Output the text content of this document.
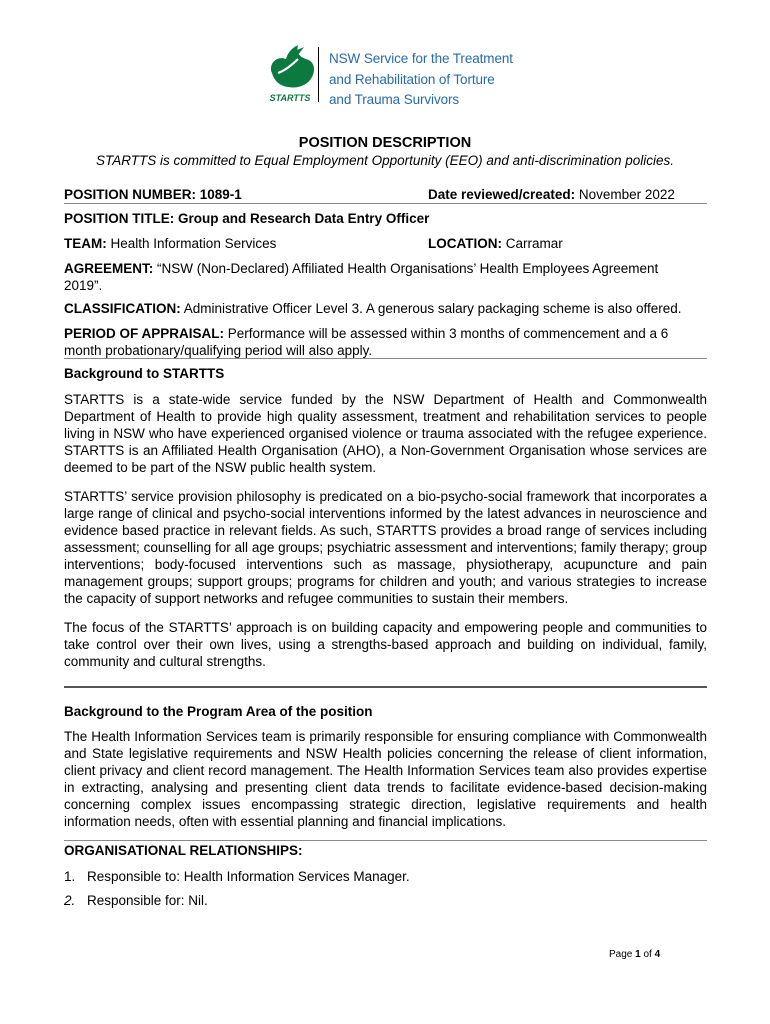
STARTTS
NSW Service for the Treatment
and Rehabilitation of Torture
and Trauma Survivors
POSITION DESCRIPTION
STARTTS is committed to Equal Employment Opportunity (EEO) and anti-discrimination policies.
POSITION NUMBER: 1089-1	Date reviewed/created: November 2022
POSITION TITLE: Group and Research Data Entry Officer
TEAM: Health Information Services	LOCATION: Carramar
AGREEMENT: “NSW (Non-Declared) Affiliated Health Organisations’ Health Employees Agreement
2019”.
CLASSIFICATION: Administrative Officer Level 3. A generous salary packaging scheme is also offered.
PERIOD OF APPRAISAL: Performance will be assessed within 3 months of commencement and a 6
month probationary/qualifying period will also apply.
Background to STARTTS
STARTTS is a state-wide service funded by the NSW Department of Health and Commonwealth Department of Health to provide high quality assessment, treatment and rehabilitation services to people living in NSW who have experienced organised violence or trauma associated with the refugee experience. STARTTS is an Affiliated Health Organisation (AHO), a Non-Government Organisation whose services are deemed to be part of the NSW public health system.
STARTTS’ service provision philosophy is predicated on a bio-psycho-social framework that incorporates a large range of clinical and psycho-social interventions informed by the latest advances in neuroscience and evidence based practice in relevant fields. As such, STARTTS provides a broad range of services including assessment; counselling for all age groups; psychiatric assessment and interventions; family therapy; group interventions; body-focused interventions such as massage, physiotherapy, acupuncture and pain management groups; support groups; programs for children and youth; and various strategies to increase the capacity of support networks and refugee communities to sustain their members.
The focus of the STARTTS’ approach is on building capacity and empowering people and communities to take control over their own lives, using a strengths-based approach and building on individual, family, community and cultural strengths.
Background to the Program Area of the position
The Health Information Services team is primarily responsible for ensuring compliance with Commonwealth and State legislative requirements and NSW Health policies concerning the release of client information, client privacy and client record management. The Health Information Services team also provides expertise in extracting, analysing and presenting client data trends to facilitate evidence-based decision-making concerning complex issues encompassing strategic direction, legislative requirements and health information needs, often with essential planning and financial implications.
ORGANISATIONAL RELATIONSHIPS:
1. Responsible to: Health Information Services Manager.
2. Responsible for: Nil.
Page 1 of 4
